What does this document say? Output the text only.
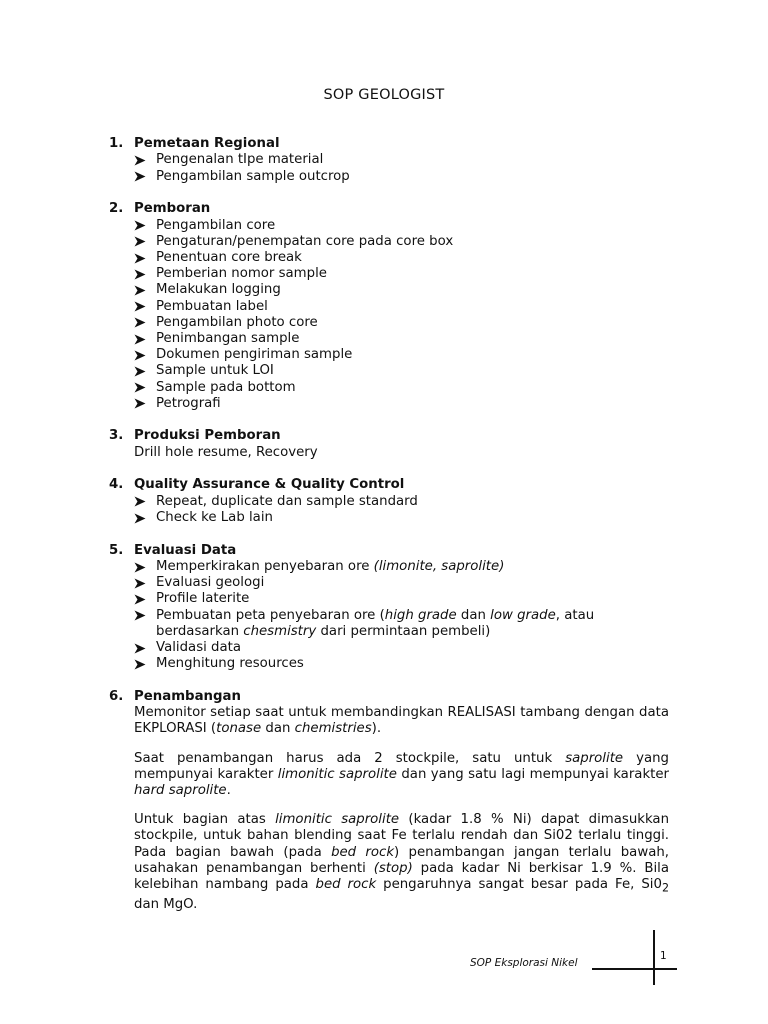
SOP GEOLOGIST
1. Pemetaan Regional
Pengenalan tIpe material
Pengambilan sample outcrop
2. Pemboran
Pengambilan core
Pengaturan/penempatan core pada core box
Penentuan core break
Pemberian nomor sample
Melakukan logging
Pembuatan label
Pengambilan photo core
Penimbangan sample
Dokumen pengiriman sample
Sample untuk LOI
Sample pada bottom
Petrografi
3. Produksi Pemboran
Drill hole resume, Recovery
4. Quality Assurance & Quality Control
Repeat, duplicate dan sample standard
Check ke Lab lain
5. Evaluasi Data
Memperkirakan penyebaran ore (limonite, saprolite)
Evaluasi geologi
Profile laterite
Pembuatan peta penyebaran ore (high grade dan low grade, atau berdasarkan chesmistry dari permintaan pembeli)
Validasi data
Menghitung resources
6. Penambangan

Memonitor setiap saat untuk membandingkan REALISASI tambang dengan data EKPLORASI (tonase dan chemistries).

Saat penambangan harus ada 2 stockpile, satu untuk saprolite yang mempunyai karakter limonitic saprolite dan yang satu lagi mempunyai karakter hard saprolite.

Untuk bagian atas limonitic saprolite (kadar 1.8 % Ni) dapat dimasukkan stockpile, untuk bahan blending saat Fe terlalu rendah dan Si02 terlalu tinggi. Pada bagian bawah (pada bed rock) penambangan jangan terlalu bawah, usahakan penambangan berhenti (stop) pada kadar Ni berkisar 1.9 %. Bila kelebihan nambang pada bed rock pengaruhnya sangat besar pada Fe, $Si0_2$ dan MgO.

SOP Eksplorasi Nikel
1
